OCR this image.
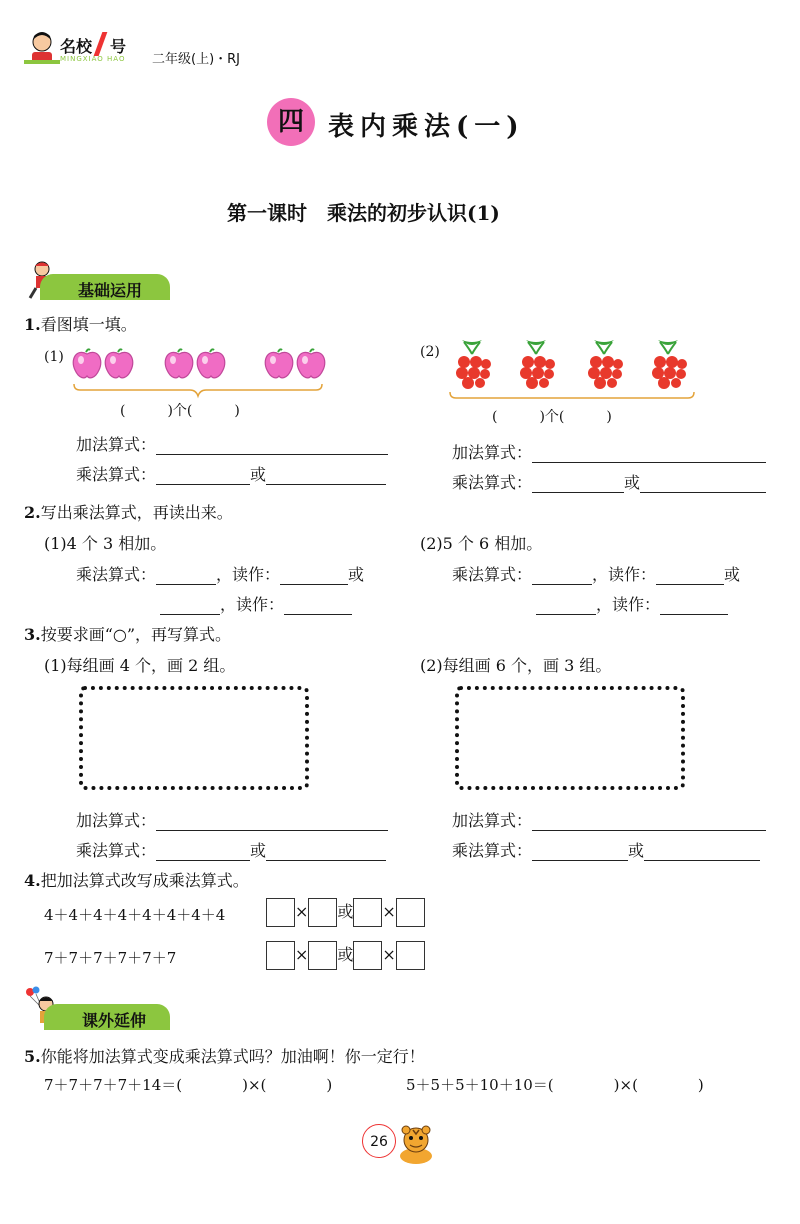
名校 号
MINGXIAO HAO 二年级(上)・RJ
四 表内乘法(一)
第一课时　乘法的初步认识(1)
基础运用
1.看图填一填。
(1)
(　　　)个(　　　)
加法算式：
乘法算式：	或
(2)
(　　　)个(　　　)
加法算式：
乘法算式：	或
2.写出乘法算式，再读出来。
(1)4 个 3 相加。
乘法算式：	，读作：	或
，读作：
(2)5 个 6 相加。
乘法算式：	，读作：	或
，读作：
3.按要求画“○”，再写算式。
(1)每组画 4 个，画 2 组。
加法算式：
乘法算式：	或
(2)每组画 6 个，画 3 组。
加法算式：
乘法算式：	或
4.把加法算式改写成乘法算式。
4＋4＋4＋4＋4＋4＋4＋4	× 或 ×
7＋7＋7＋7＋7＋7	× 或 ×
课外延伸
5.你能将加法算式变成乘法算式吗？加油啊！你一定行！
7＋7＋7＋7＋14＝(　　　　)×(　　　　)	5＋5＋5＋10＋10＝(　　　　)×(　　　　)
26
